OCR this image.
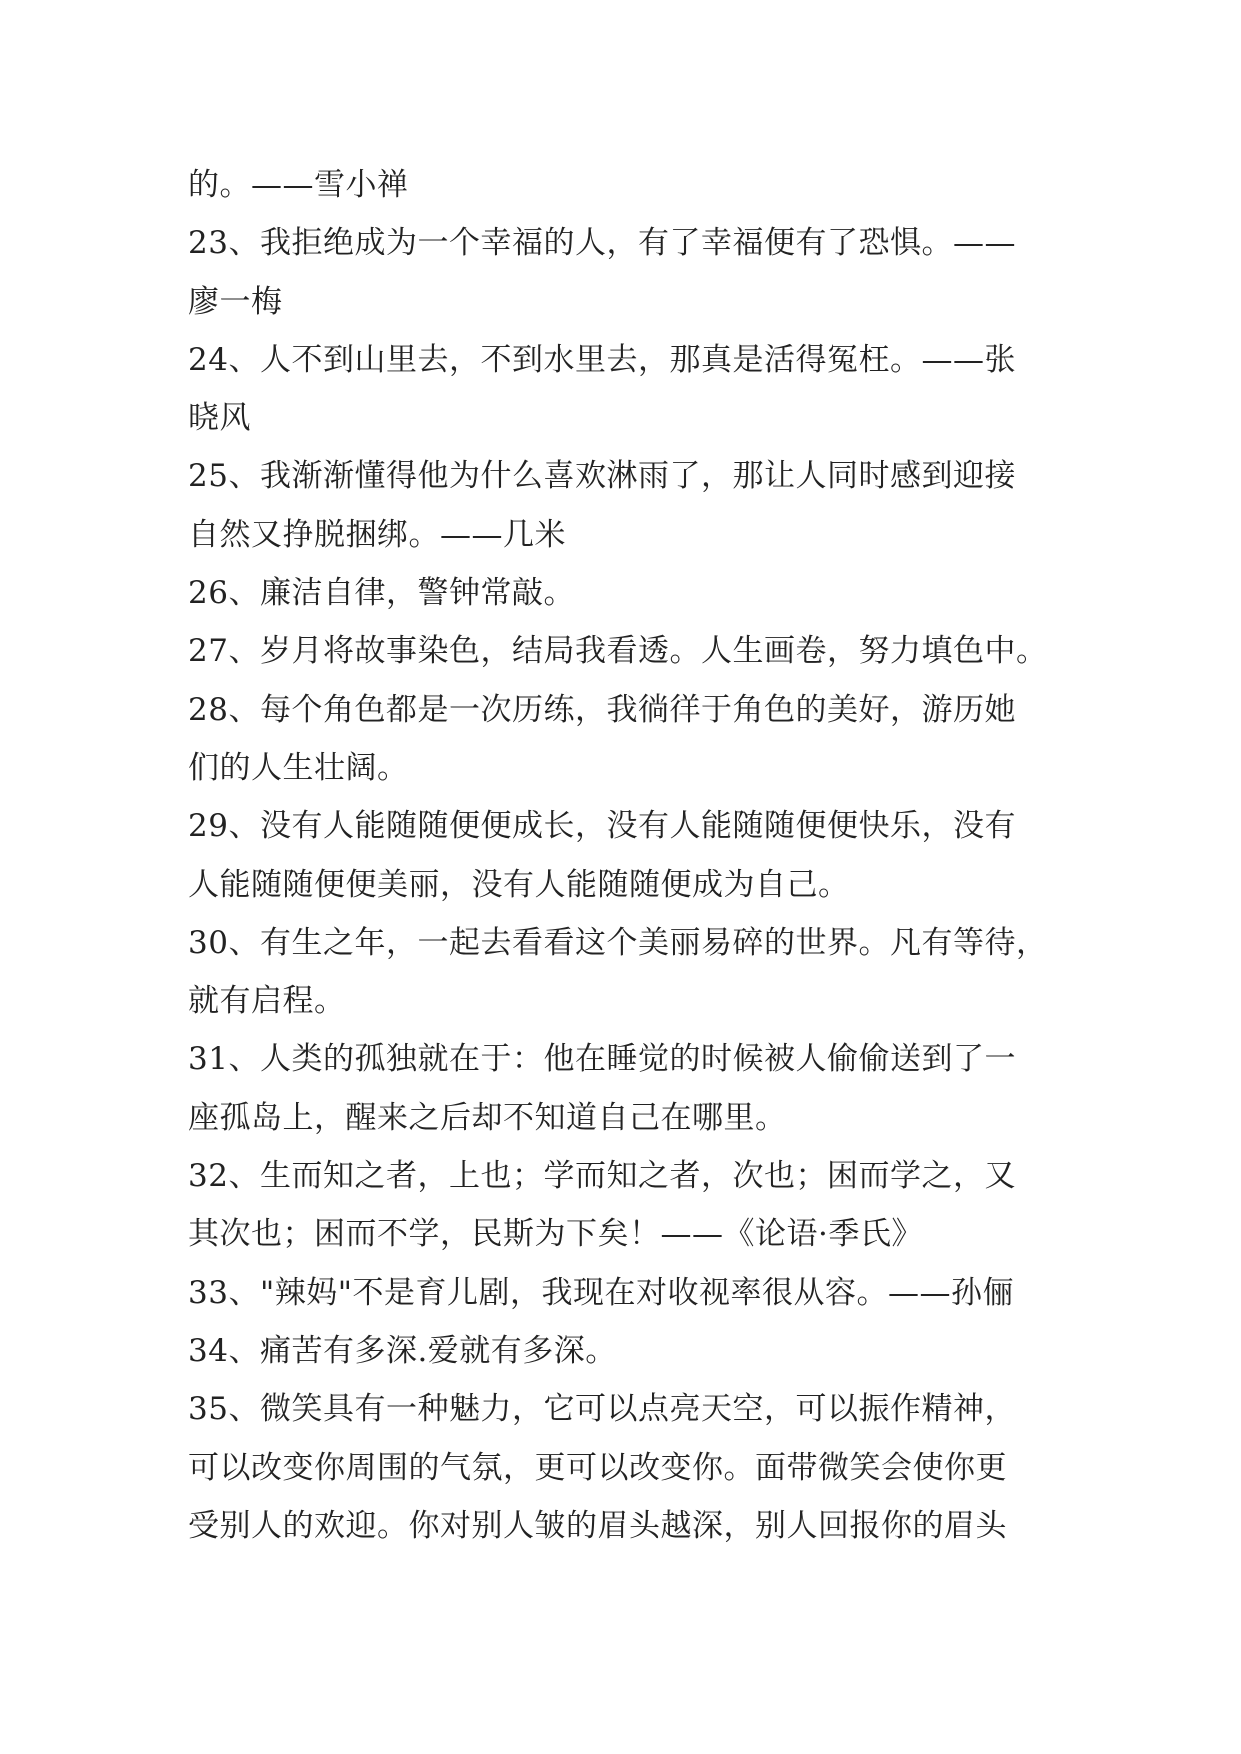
的。——雪小禅
23、我拒绝成为一个幸福的人，有了幸福便有了恐惧。——
廖一梅
24、人不到山里去，不到水里去，那真是活得冤枉。——张
晓风
25、我渐渐懂得他为什么喜欢淋雨了，那让人同时感到迎接
自然又挣脱捆绑。——几米
26、廉洁自律，警钟常敲。
27、岁月将故事染色，结局我看透。人生画卷，努力填色中。
28、每个角色都是一次历练，我徜徉于角色的美好，游历她
们的人生壮阔。
29、没有人能随随便便成长，没有人能随随便便快乐，没有
人能随随便便美丽，没有人能随随便成为自己。
30、有生之年，一起去看看这个美丽易碎的世界。凡有等待，
就有启程。
31、人类的孤独就在于：他在睡觉的时候被人偷偷送到了一
座孤岛上，醒来之后却不知道自己在哪里。
32、生而知之者，上也；学而知之者，次也；困而学之，又
其次也；困而不学，民斯为下矣！——《论语·季氏》
33、"辣妈"不是育儿剧，我现在对收视率很从容。——孙俪
34、痛苦有多深.爱就有多深。
35、微笑具有一种魅力，它可以点亮天空，可以振作精神，
可以改变你周围的气氛，更可以改变你。面带微笑会使你更
受别人的欢迎。你对别人皱的眉头越深，别人回报你的眉头
